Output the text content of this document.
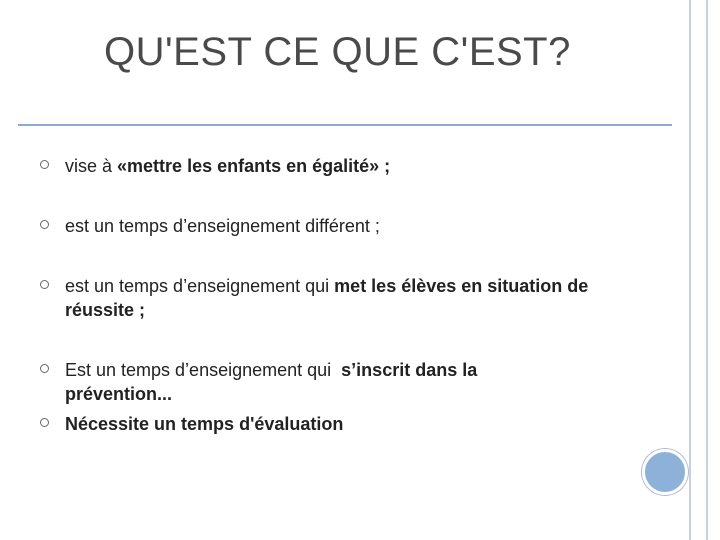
QU'EST CE QUE C'EST?
vise à «mettre les enfants en égalité» ;
est un temps d’enseignement différent ;
est un temps d’enseignement qui met les élèves en situation de réussite ;
Est un temps d’enseignement qui  s’inscrit dans la prévention...
Nécessite un temps d'évaluation
